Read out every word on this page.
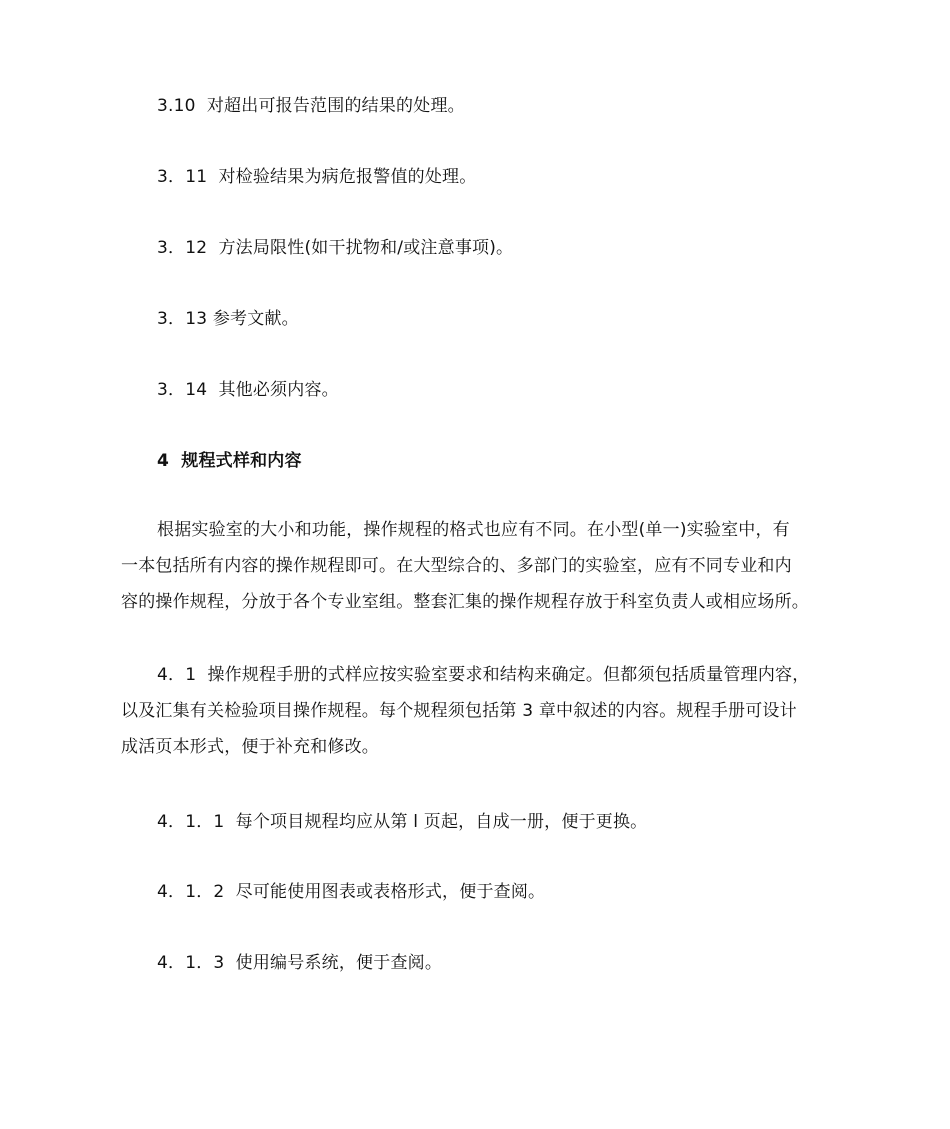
3.10  对超出可报告范围的结果的处理。
3．11  对检验结果为病危报警值的处理。
3．12  方法局限性(如干扰物和/或注意事项)。
3．13 参考文献。
3．14  其他必须内容。
4  规程式样和内容
根据实验室的大小和功能，操作规程的格式也应有不同。在小型(单一)实验室中，有
一本包括所有内容的操作规程即可。在大型综合的、多部门的实验室，应有不同专业和内
容的操作规程，分放于各个专业室组。整套汇集的操作规程存放于科室负责人或相应场所。
4．1  操作规程手册的式样应按实验室要求和结构来确定。但都须包括质量管理内容，
以及汇集有关检验项目操作规程。每个规程须包括第 3 章中叙述的内容。规程手册可设计
成活页本形式，便于补充和修改。
4．1．1  每个项目规程均应从第 l 页起，自成一册，便于更换。
4．1．2  尽可能使用图表或表格形式，便于查阅。
4．1．3  使用编号系统，便于查阅。
